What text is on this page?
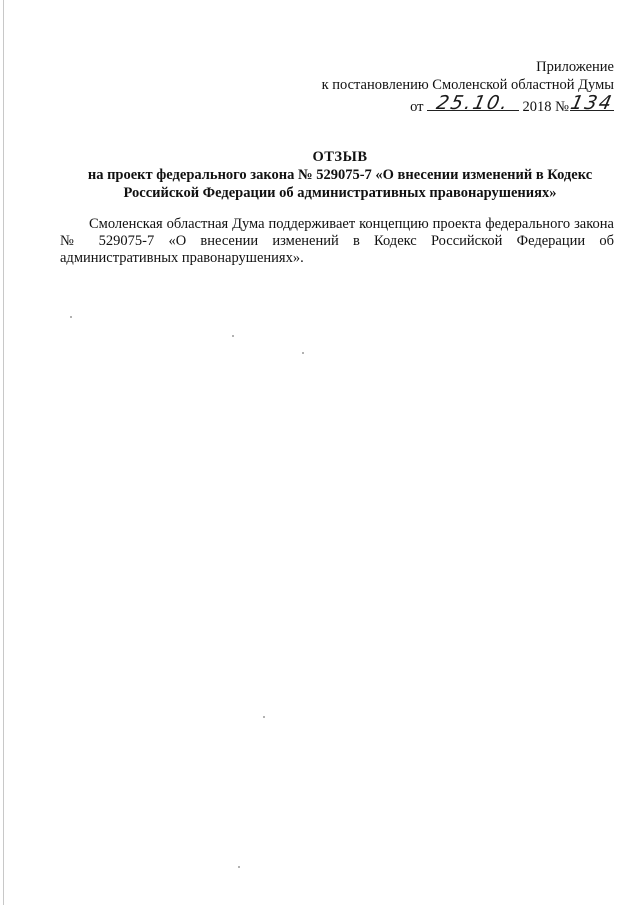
Приложение
к постановлению Смоленской областной Думы
от 25.10. 2018 № 134
ОТЗЫВ
на проект федерального закона № 529075-7 «О внесении изменений в Кодекс
Российской Федерации об административных правонарушениях»
Смоленская областная Дума поддерживает концепцию проекта федерального закона № 529075-7 «О внесении изменений в Кодекс Российской Федерации об административных правонарушениях».
